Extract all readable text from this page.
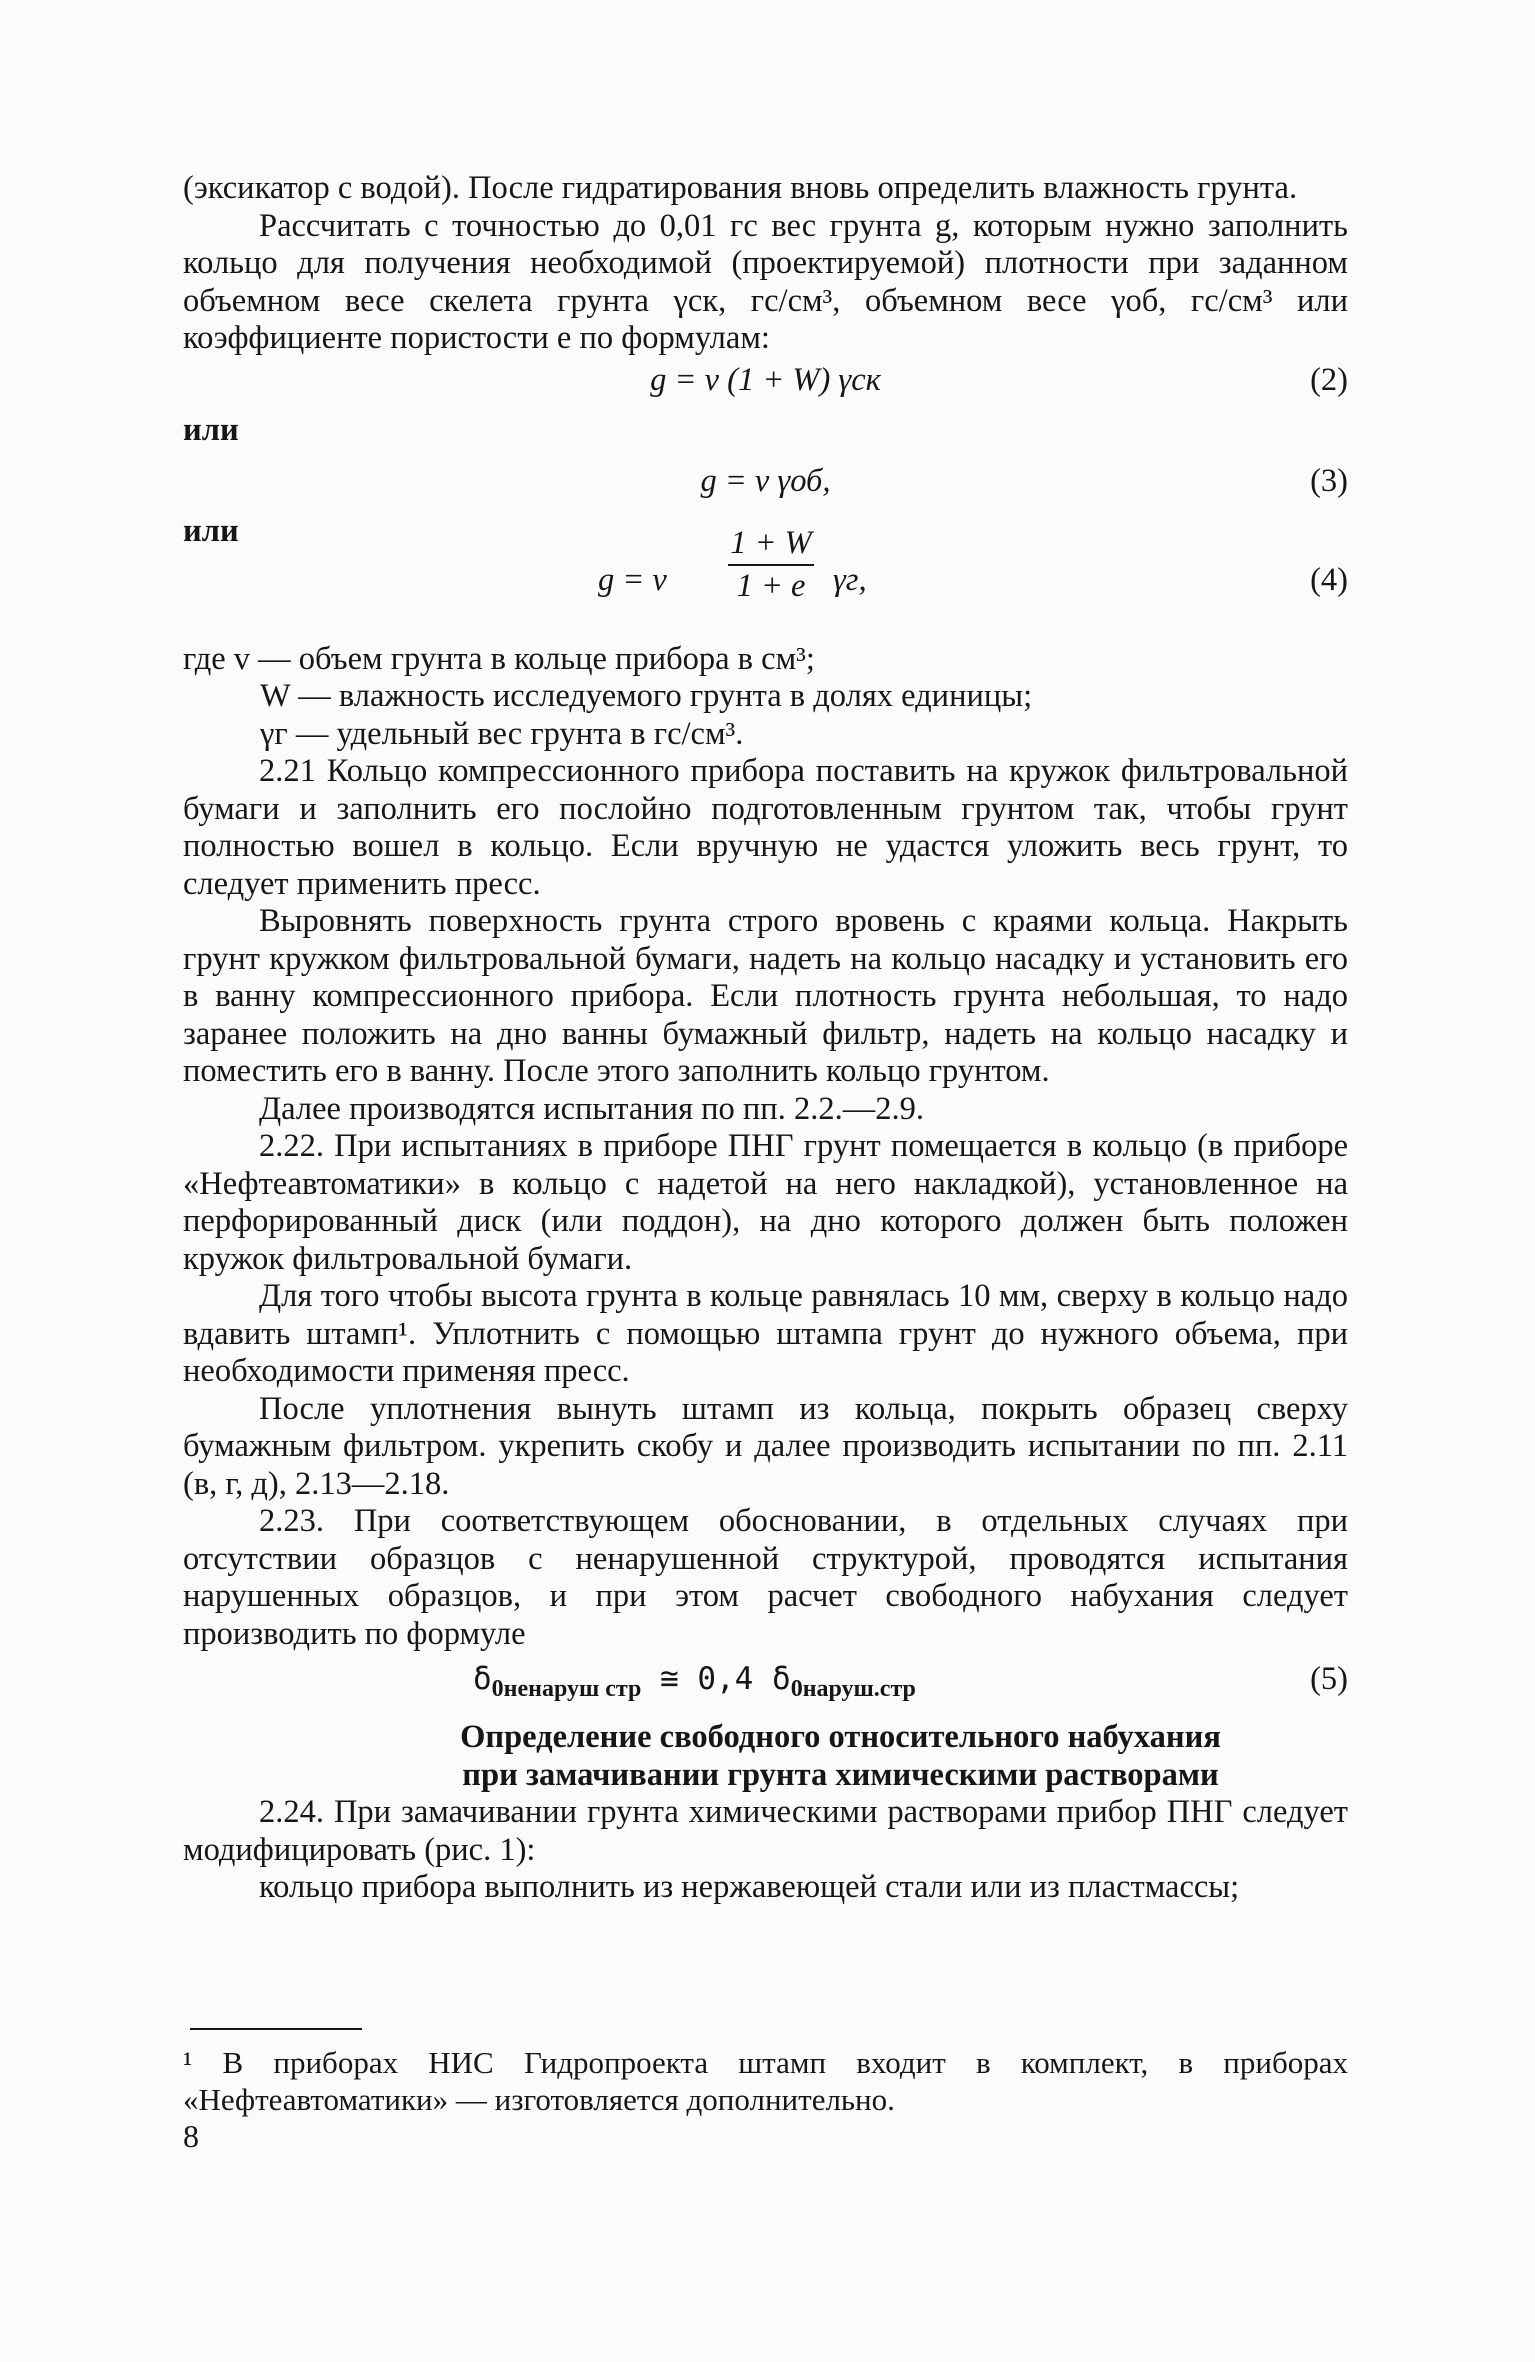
(эксикатор с водой). После гидратирования вновь определить влажность грунта.

Рассчитать с точностью до 0,01 гс вес грунта g, которым нужно заполнить кольцо для получения необходимой (проектируемой) плотности при заданном объемном весе скелета грунта γск, гс/см³, объемном весе γоб, гс/см³ или коэффициенте пористости е по формулам:

g = v (1 + W) γск	(2)

или

g = v γоб,	(3)

или

g = v $\frac{1 + W}{1 + e} \gamma г$,	(4)

где v — объем грунта в кольце прибора в см³;

W — влажность исследуемого грунта в долях единицы;

γг — удельный вес грунта в гс/см³.

2.21 Кольцо компрессионного прибора поставить на кружок фильтровальной бумаги и заполнить его послойно подготовленным грунтом так, чтобы грунт полностью вошел в кольцо. Если вручную не удастся уложить весь грунт, то следует применить пресс.

Выровнять поверхность грунта строго вровень с краями кольца. Накрыть грунт кружком фильтровальной бумаги, надеть на кольцо насадку и установить его в ванну компрессионного прибора. Если плотность грунта небольшая, то надо заранее положить на дно ванны бумажный фильтр, надеть на кольцо насадку и поместить его в ванну. После этого заполнить кольцо грунтом.

Далее производятся испытания по пп. 2.2.—2.9.

2.22. При испытаниях в приборе ПНГ грунт помещается в кольцо (в приборе «Нефтеавтоматики» в кольцо с надетой на него накладкой), установленное на перфорированный диск (или поддон), на дно которого должен быть положен кружок фильтровальной бумаги.

Для того чтобы высота грунта в кольце равнялась 10 мм, сверху в кольцо надо вдавить штамп¹. Уплотнить с помощью штампа грунт до нужного объема, при необходимости применяя пресс.

После уплотнения вынуть штамп из кольца, покрыть образец сверху бумажным фильтром. укрепить скобу и далее производить испытании по пп. 2.11 (в, г, д), 2.13—2.18.

2.23. При соответствующем обосновании, в отдельных случаях при отсутствии образцов с ненарушенной структурой, проводятся испытания нарушенных образцов, и при этом расчет свободного набухания следует производить по формуле

$\delta_{0ненаруш стр}$ ≅ 0,4 $\delta_{0наруш.стр}$	(5)

Определение свободного относительного набухания

при замачивании грунта химическими растворами

2.24. При замачивании грунта химическими растворами прибор ПНГ следует модифицировать (рис. 1):

кольцо прибора выполнить из нержавеющей стали или из пластмассы;

¹ В приборах НИС Гидропроекта штамп входит в комплект, в приборах «Нефтеавтоматики» — изготовляется дополнительно.

8
